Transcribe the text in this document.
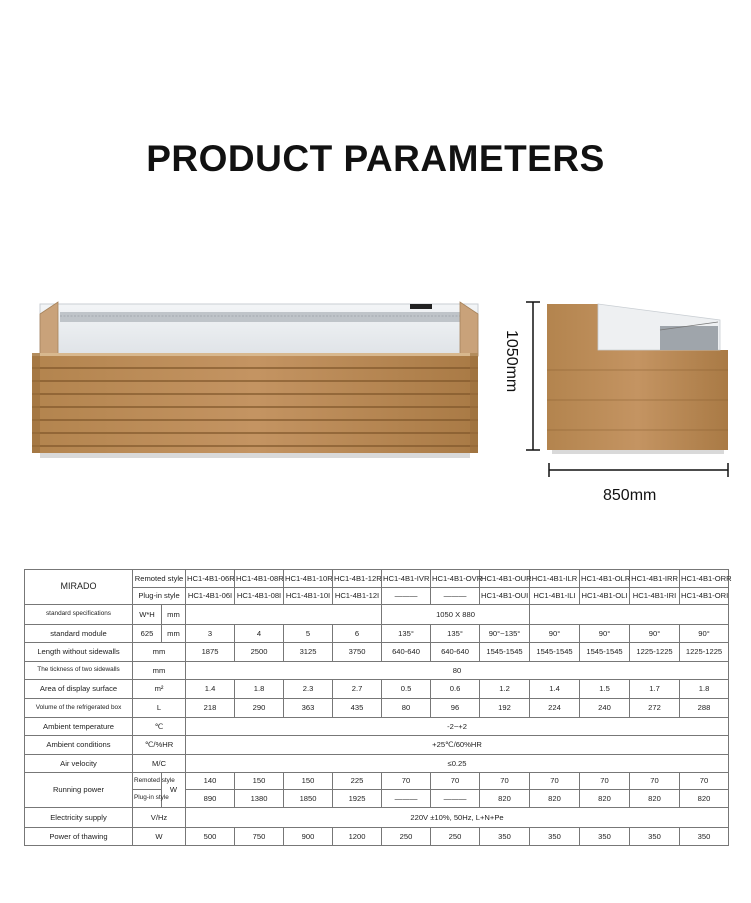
PRODUCT PARAMETERS
1050mm
850mm
MIRADO	Remoted style		HC1-4B1-06R	HC1-4B1-08R	HC1-4B1-10R	HC1-4B1-12R	HC1-4B1-IVR	HC1-4B1-OVR	HC1-4B1-OUR	HC1-4B1-ILR	HC1-4B1-OLR	HC1-4B1-IRR	HC1-4B1-ORR
	Plug-in style		HC1-4B1-06I	HC1-4B1-08I	HC1-4B1-10I	HC1-4B1-12I	———	———	HC1-4B1-OUI	HC1-4B1-ILI	HC1-4B1-OLI	HC1-4B1-IRI	HC1-4B1-ORI
standard specifications	W*H	mm					1050 X 880						
standard module	625	mm	3	4	5	6	135°	135°	90°~135°	90°	90°	90°	90°
Length without sidewalls	mm		1875	2500	3125	3750	640-640	640-640	1545-1545	1545-1545	1545-1545	1225-1225	1225-1225
The tickness of two sidewalls	mm		80										
Area of display surface	m²		1.4	1.8	2.3	2.7	0.5	0.6	1.2	1.4	1.5	1.7	1.8
Volume of the refrigerated box	L		218	290	363	435	80	96	192	224	240	272	288
Ambient temperature	℃		-2~+2										
Ambient conditions	℃/%HR		+25℃/60%HR										
Air velocity	M/C		≤0.25										
Running power	Remoted style	W	140	150	150	225	70	70	70	70	70	70	70
	Plug-in style		890	1380	1850	1925	———	———	820	820	820	820	820
Electricity supply	V/Hz		220V ±10%, 50Hz, L+N+Pe										
Power of thawing	W		500	750	900	1200	250	250	350	350	350	350	350
